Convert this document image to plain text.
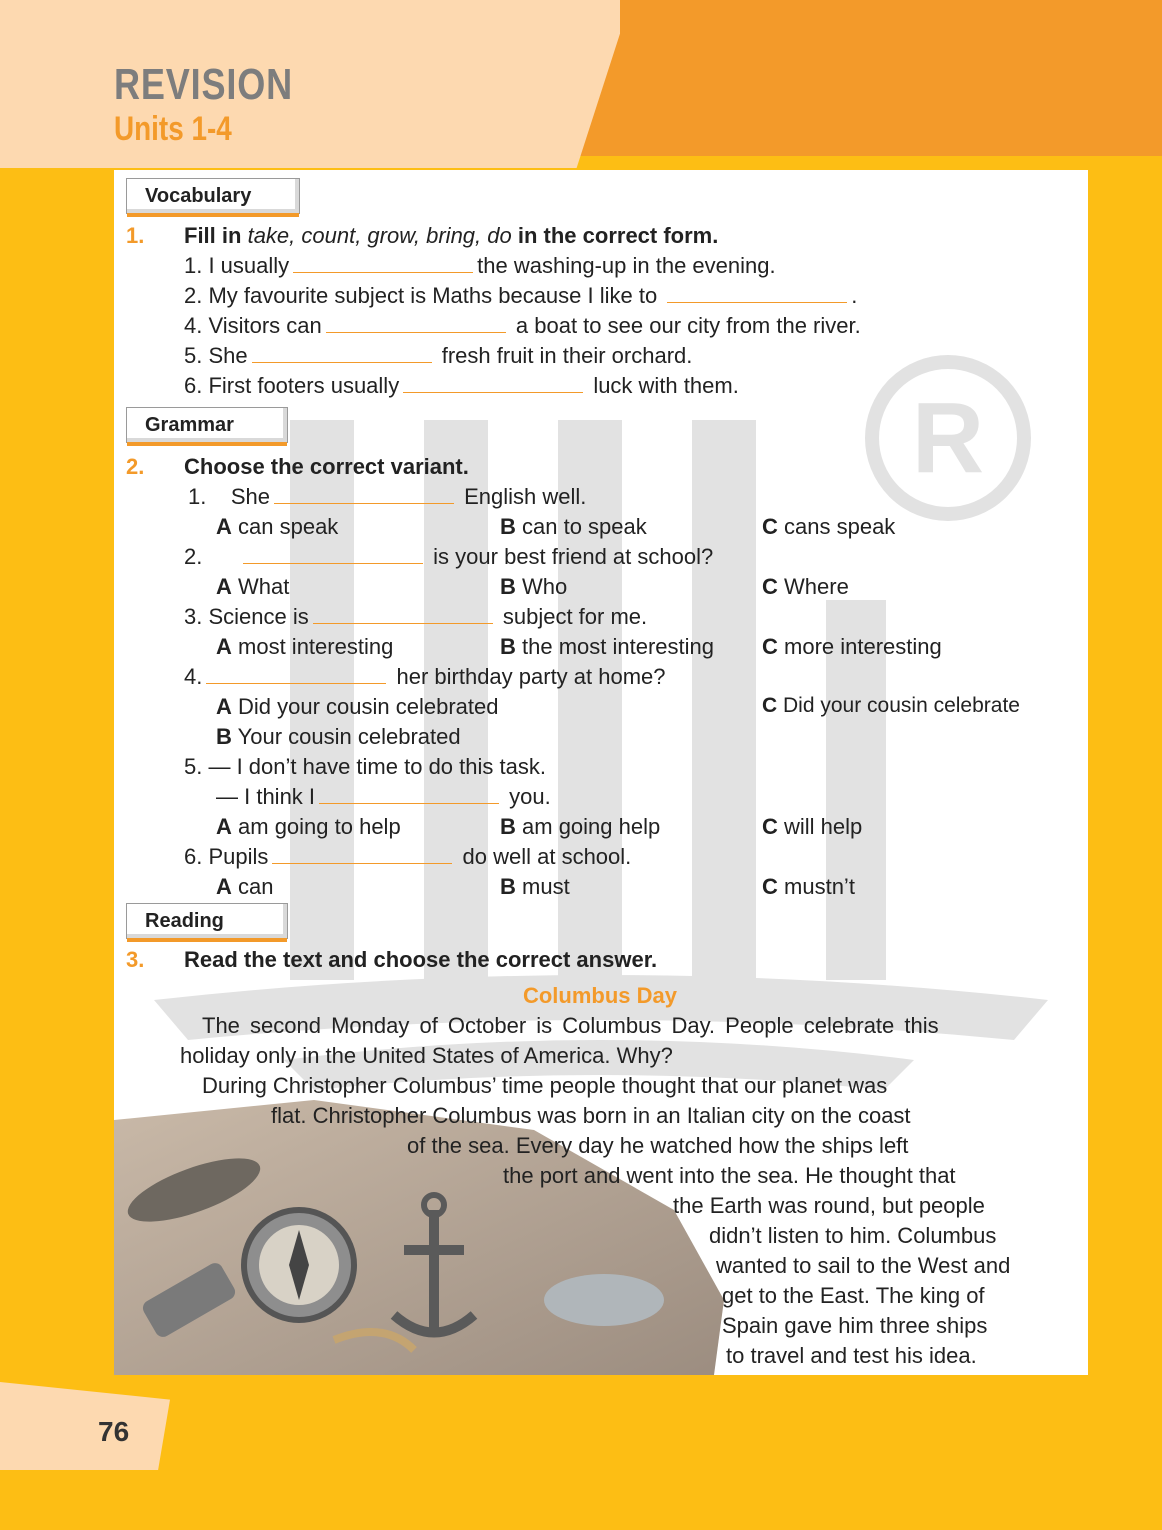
REVISION
Units 1-4
R
Vocabulary
1. Fill in take, count, grow, bring, do in the correct form.
1. I usually	the washing-up in the evening.
2. My favourite subject is Maths because I like to	.
4. Visitors can	a boat to see our city from the river.
5. She	fresh fruit in their orchard.
6. First footers usually	luck with them.
Grammar
2. Choose the correct variant.
1. She	English well.
A can speak	B can to speak	C cans speak
2.	is your best friend at school?
A What	B Who	C Where
3. Science is	subject for me.
A most interesting	B the most interesting C more interesting
4.	her birthday party at home?
A Did your cousin celebrated	C Did your cousin celebrate
B Your cousin celebrated
5. — I don’t have time to do this task.
— I think I	you.
A am going to help	B am going help	C will help
6. Pupils	do well at school.
A can	B must	C mustn’t
Reading
3. Read the text and choose the correct answer.
Columbus Day
The second Monday of October is Columbus Day. People celebrate this
holiday only in the United States of America. Why?
During Christopher Columbus’ time people thought that our planet was
flat. Christopher Columbus was born in an Italian city on the coast
of the sea. Every day he watched how the ships left
the port and went into the sea. He thought that
the Earth was round, but people
didn’t listen to him. Columbus
wanted to sail to the West and
get to the East. The king of
Spain gave him three ships
to travel and test his idea.
76
